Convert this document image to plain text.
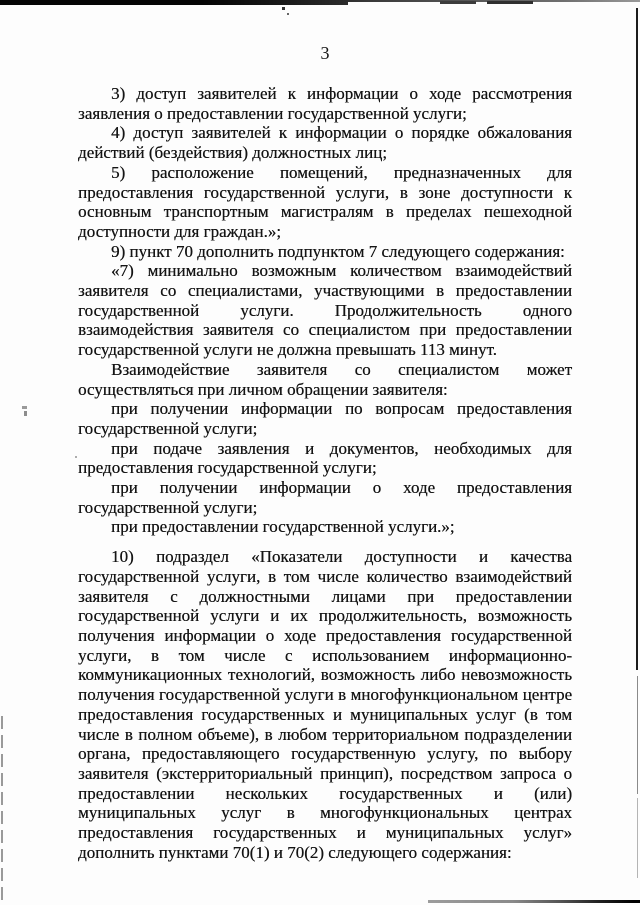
3

3) доступ заявителей к информации о ходе рассмотрения заявления о предоставлении государственной услуги;

4) доступ заявителей к информации о порядке обжалования действий (бездействия) должностных лиц;

5) расположение помещений, предназначенных для предоставления государственной услуги, в зоне доступности к основным транспортным магистралям в пределах пешеходной доступности для граждан.»;

9) пункт 70 дополнить подпунктом 7 следующего содержания:

«7) минимально возможным количеством взаимодействий заявителя со специалистами, участвующими в предоставлении государственной услуги. Продолжительность одного взаимодействия заявителя со специалистом при предоставлении государственной услуги не должна превышать 113 минут.

Взаимодействие заявителя со специалистом может осуществляться при личном обращении заявителя:

при получении информации по вопросам предоставления государственной услуги;

при подаче заявления и документов, необходимых для предоставления государственной услуги;

при получении информации о ходе предоставления государственной услуги;

при предоставлении государственной услуги.»;

10) подраздел «Показатели доступности и качества государственной услуги, в том числе количество взаимодействий заявителя с должностными лицами при предоставлении государственной услуги и их продолжительность, возможность получения информации о ходе предоставления государственной услуги, в том числе с использованием информационно-коммуникационных технологий, возможность либо невозможность получения государственной услуги в многофункциональном центре предоставления государственных и муниципальных услуг (в том числе в полном объеме), в любом территориальном подразделении органа, предоставляющего государственную услугу, по выбору заявителя (экстерриториальный принцип), посредством запроса о предоставлении нескольких государственных и (или) муниципальных услуг в многофункциональных центрах предоставления государственных и муниципальных услуг» дополнить пунктами 70(1) и 70(2) следующего содержания:
